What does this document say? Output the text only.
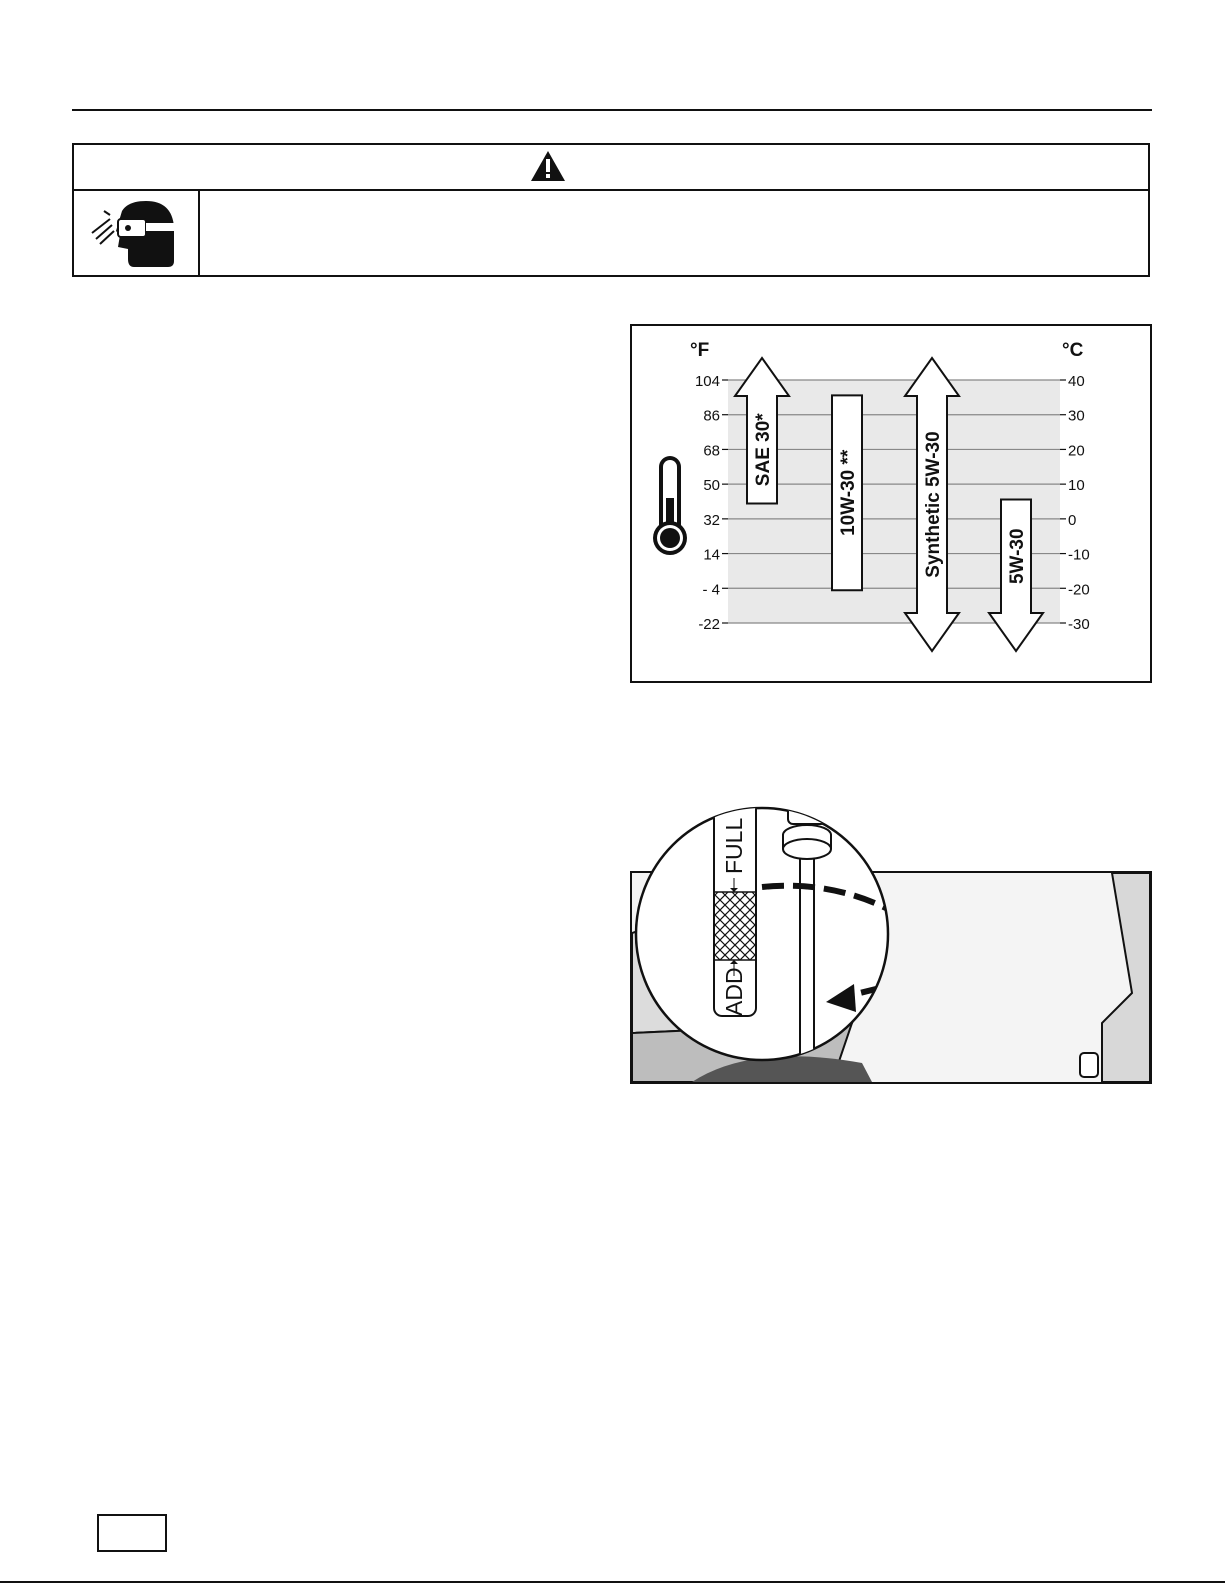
104
86
68
50
32
14
- 4
-22
40
30
20
10
0
-10
-20
-30
SAE 30*	10W-30 **	Synthetic 5W-30	5W-30
°F	°C
FULL
ADD
